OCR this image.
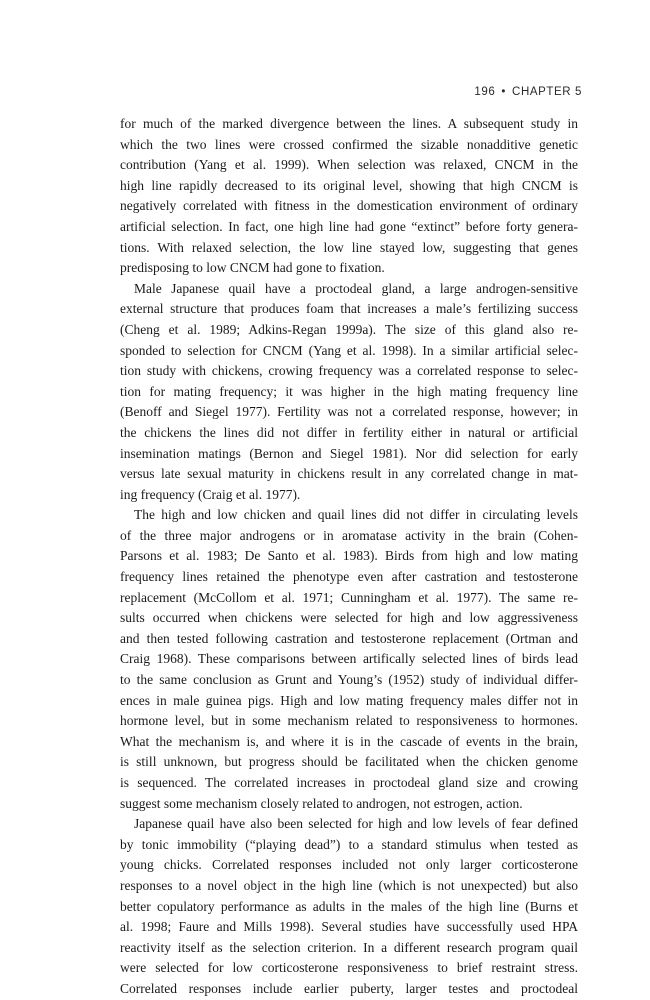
196 • CHAPTER 5

for much of the marked divergence between the lines. A subsequent study in
which the two lines were crossed confirmed the sizable nonadditive genetic
contribution (Yang et al. 1999). When selection was relaxed, CNCM in the
high line rapidly decreased to its original level, showing that high CNCM is
negatively correlated with fitness in the domestication environment of ordinary
artificial selection. In fact, one high line had gone “extinct” before forty genera-
tions. With relaxed selection, the low line stayed low, suggesting that genes
predisposing to low CNCM had gone to fixation.

Male Japanese quail have a proctodeal gland, a large androgen-sensitive
external structure that produces foam that increases a male’s fertilizing success
(Cheng et al. 1989; Adkins-Regan 1999a). The size of this gland also re-
sponded to selection for CNCM (Yang et al. 1998). In a similar artificial selec-
tion study with chickens, crowing frequency was a correlated response to selec-
tion for mating frequency; it was higher in the high mating frequency line
(Benoff and Siegel 1977). Fertility was not a correlated response, however; in
the chickens the lines did not differ in fertility either in natural or artificial
insemination matings (Bernon and Siegel 1981). Nor did selection for early
versus late sexual maturity in chickens result in any correlated change in mat-
ing frequency (Craig et al. 1977).

The high and low chicken and quail lines did not differ in circulating levels
of the three major androgens or in aromatase activity in the brain (Cohen-
Parsons et al. 1983; De Santo et al. 1983). Birds from high and low mating
frequency lines retained the phenotype even after castration and testosterone
replacement (McCollom et al. 1971; Cunningham et al. 1977). The same re-
sults occurred when chickens were selected for high and low aggressiveness
and then tested following castration and testosterone replacement (Ortman and
Craig 1968). These comparisons between artifically selected lines of birds lead
to the same conclusion as Grunt and Young’s (1952) study of individual differ-
ences in male guinea pigs. High and low mating frequency males differ not in
hormone level, but in some mechanism related to responsiveness to hormones.
What the mechanism is, and where it is in the cascade of events in the brain,
is still unknown, but progress should be facilitated when the chicken genome
is sequenced. The correlated increases in proctodeal gland size and crowing
suggest some mechanism closely related to androgen, not estrogen, action.

Japanese quail have also been selected for high and low levels of fear defined
by tonic immobility (“playing dead”) to a standard stimulus when tested as
young chicks. Correlated responses included not only larger corticosterone
responses to a novel object in the high line (which is not unexpected) but also
better copulatory performance as adults in the males of the high line (Burns et
al. 1998; Faure and Mills 1998). Several studies have successfully used HPA
reactivity itself as the selection criterion. In a different research program quail
were selected for low corticosterone responsiveness to brief restraint stress.
Correlated responses include earlier puberty, larger testes and proctodeal
